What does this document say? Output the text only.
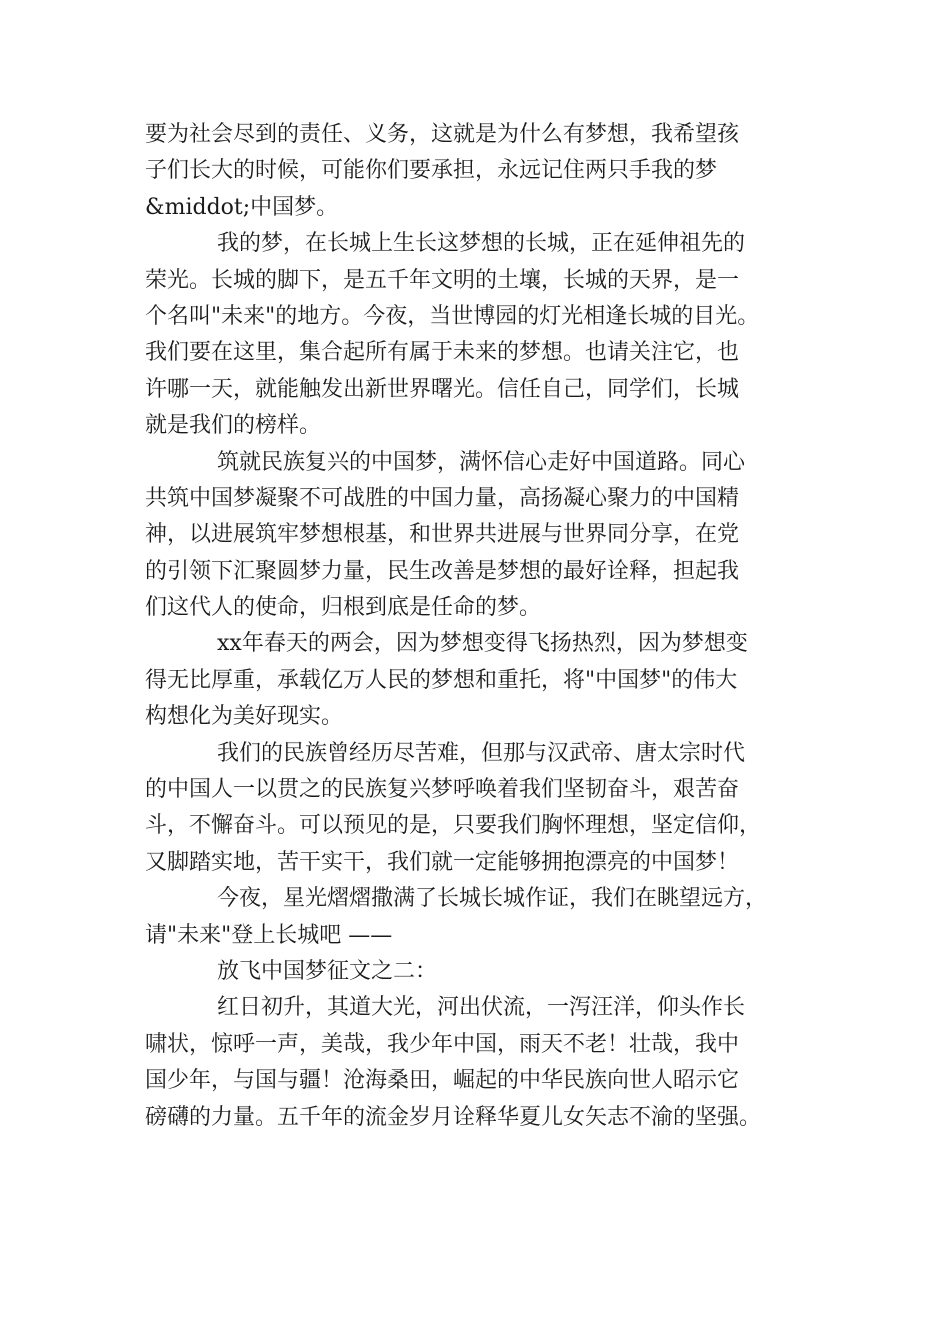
要为社会尽到的责任、义务，这就是为什么有梦想，我希望孩
子们长大的时候，可能你们要承担，永远记住两只手我的梦
&middot;中国梦。
我的梦，在长城上生长这梦想的长城，正在延伸祖先的
荣光。长城的脚下，是五千年文明的土壤，长城的天界，是一
个名叫"未来"的地方。今夜，当世博园的灯光相逢长城的目光。
我们要在这里，集合起所有属于未来的梦想。也请关注它，也
许哪一天，就能触发出新世界曙光。信任自己，同学们，长城
就是我们的榜样。
筑就民族复兴的中国梦，满怀信心走好中国道路。同心
共筑中国梦凝聚不可战胜的中国力量，高扬凝心聚力的中国精
神，以进展筑牢梦想根基，和世界共进展与世界同分享，在党
的引领下汇聚圆梦力量，民生改善是梦想的最好诠释，担起我
们这代人的使命，归根到底是任命的梦。
xx年春天的两会，因为梦想变得飞扬热烈，因为梦想变
得无比厚重，承载亿万人民的梦想和重托，将"中国梦"的伟大
构想化为美好现实。
我们的民族曾经历尽苦难，但那与汉武帝、唐太宗时代
的中国人一以贯之的民族复兴梦呼唤着我们坚韧奋斗，艰苦奋
斗，不懈奋斗。可以预见的是，只要我们胸怀理想，坚定信仰，
又脚踏实地，苦干实干，我们就一定能够拥抱漂亮的中国梦！
今夜，星光熠熠撒满了长城长城作证，我们在眺望远方，
请"未来"登上长城吧 ——
放飞中国梦征文之二：
红日初升，其道大光，河出伏流，一泻汪洋，仰头作长
啸状，惊呼一声，美哉，我少年中国，雨天不老！壮哉，我中
国少年，与国与疆！沧海桑田，崛起的中华民族向世人昭示它
磅礴的力量。五千年的流金岁月诠释华夏儿女矢志不渝的坚强。
